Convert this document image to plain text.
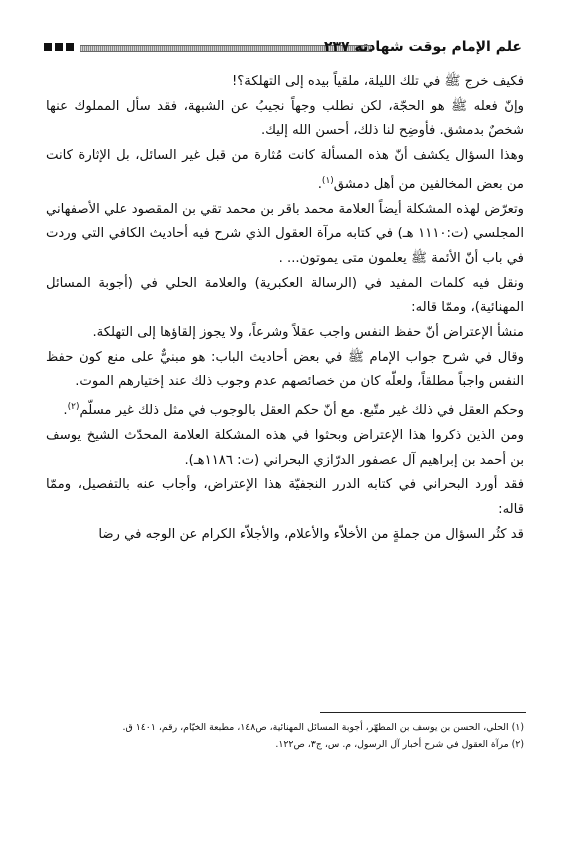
علم الإمام بوقت شهادته ٢٣٧

فكيف خرج ﷺ في تلك الليلة، ملقياً بيده إلى التهلكة؟!

وإنّ فعله ﷺ هو الحجّة، لكن نطلب وجهاً نجيبُ عن الشبهة، فقد سأل المملوك عنها شخصٌ بدمشق. فأوضِح لنا ذلك، أحسن الله إليك.

وهذا السؤال يكشف أنّ هذه المسألة كانت مُثارة من قبل غير السائل، بل الإثارة كانت من بعض المخالفين من أهل دمشق$^{(١)}$.

وتعرّض لهذه المشكلة أيضاً العلامة محمد باقر بن محمد تقي بن المقصود علي الأصفهاني المجلسي (ت:١١١٠ هـ) في كتابه مرآة العقول الذي شرح فيه أحاديث الكافي التي وردت في باب أنّ الأئمة ﷺ يعلمون متى يموتون... .

ونقل فيه كلمات المفيد في (الرسالة العكبرية) والعلامة الحلي في (أجوبة المسائل المهنائية)، وممّا قاله:

منشأ الإعتراض أنّ حفظ النفس واجب عقلاً وشرعاً، ولا يجوز إلقاؤها إلى التهلكة.

وقال في شرح جواب الإمام ﷺ في بعض أحاديث الباب: هو مبنيٌّ على منع كون حفظ النفس واجباً مطلقاً، ولعلّه كان من خصائصهم عدم وجوب ذلك عند إختيارهم الموت.

وحكم العقل في ذلك غير متّبع. مع أنّ حكم العقل بالوجوب في مثل ذلك غير مسلّم$^{(٢)}$.

ومن الذين ذكروا هذا الإعتراض وبحثوا في هذه المشكلة العلامة المحدّث الشيخ يوسف بن أحمد بن إبراهيم آل عصفور الدرّازي البحراني (ت: ١١٨٦هـ).

فقد أورد البحراني في كتابه الدرر النجفيّة هذا الإعتراض، وأجاب عنه بالتفصيل، وممّا قاله:

قد كثُر السؤال من جملةٍ من الأخلاّء والأعلام، والأجلاّء الكرام عن الوجه في رضا

(١) الحلي، الحسن بن يوسف بن المطهّر، أجوبة المسائل المهنائية، ص١٤٨، مطبعة الخيّام، رقم، ١٤٠١ ق.

(٢) مرآة العقول في شرح أخبار آل الرسول، م. س، ج٣، ص١٢٢.
